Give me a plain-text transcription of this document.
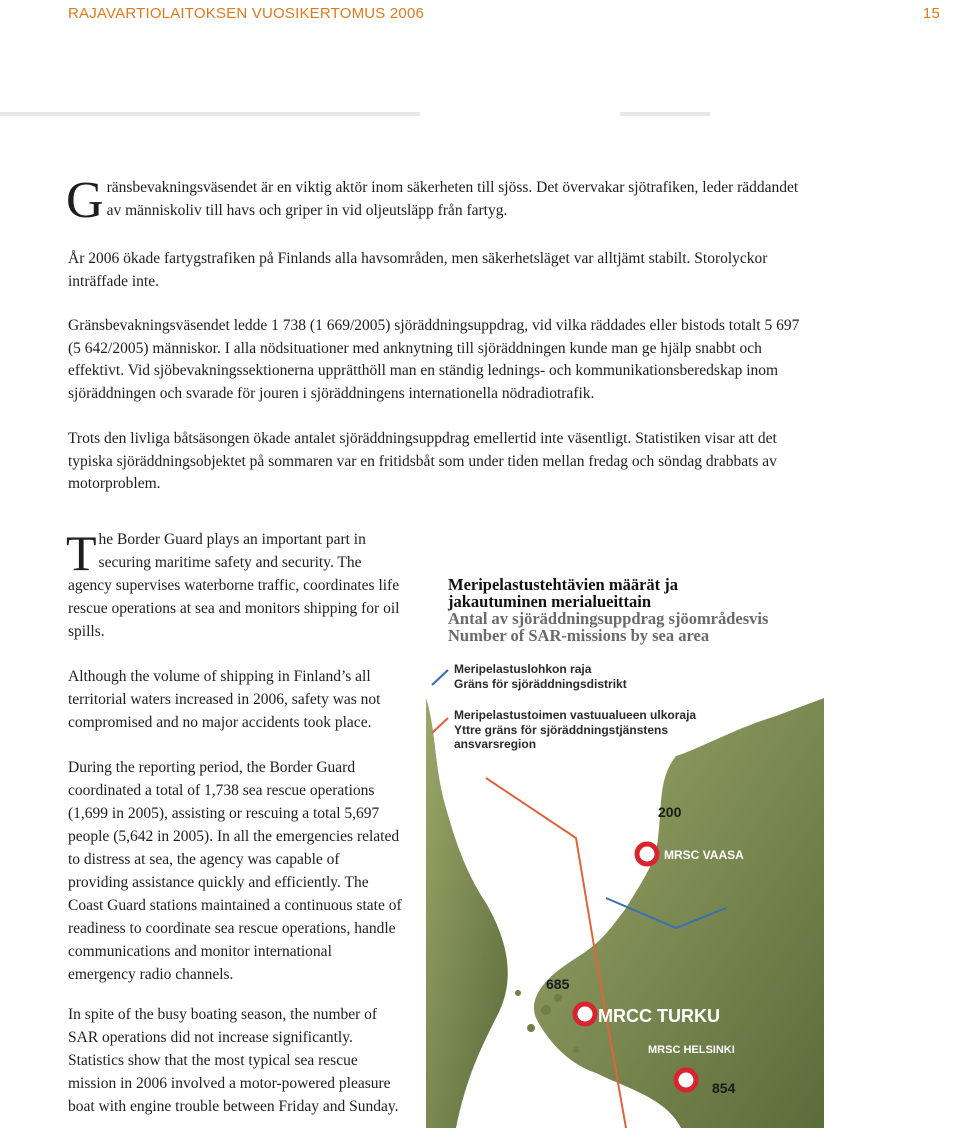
RAJAVARTIOLAITOKSEN VUOSIKERTOMUS 2006	15
G ränsbevakningsväsendet är en viktig aktör inom säkerheten till sjöss. Det övervakar sjötrafiken, leder räddandet av människoliv till havs och griper in vid oljeutsläpp från fartyg.

År 2006 ökade fartygstrafiken på Finlands alla havsområden, men säkerhetsläget var alltjämt stabilt. Storolyckor inträffade inte.

Gränsbevakningsväsendet ledde 1 738 (1 669/2005) sjöräddningsuppdrag, vid vilka räddades eller bistods totalt 5 697 (5 642/2005) människor. I alla nödsituationer med anknytning till sjöräddningen kunde man ge hjälp snabbt och effektivt. Vid sjöbevakningssektionerna upprätthöll man en ständig lednings- och kommunikationsberedskap inom sjöräddningen och svarade för jouren i sjöräddningens internationella nödradiotrafik.

Trots den livliga båtsäsongen ökade antalet sjöräddningsuppdrag emellertid inte väsentligt. Statistiken visar att det typiska sjöräddningsobjektet på sommaren var en fritidsbåt som under tiden mellan fredag och söndag drabbats av motorproblem.

T he Border Guard plays an important part in securing maritime safety and security. The agency supervises waterborne traffic, coordinates life rescue operations at sea and monitors shipping for oil spills.

Although the volume of shipping in Finland’s all territorial waters increased in 2006, safety was not compromised and no major accidents took place.

During the reporting period, the Border Guard coordinated a total of 1,738 sea rescue operations (1,699 in 2005), assisting or rescuing a total 5,697 people (5,642 in 2005). In all the emergencies related to distress at sea, the agency was capable of providing assistance quickly and efficiently. The Coast Guard stations maintained a continuous state of readiness to coordinate sea rescue operations, handle communications and monitor international emergency radio channels.

In spite of the busy boating season, the number of SAR operations did not increase significantly. Statistics show that the most typical sea rescue mission in 2006 involved a motor-powered pleasure boat with engine trouble between Friday and Sunday.

Meripelastustehtävien määrät ja
jakautuminen merialueittain
Antal av sjöräddningsuppdrag sjöområdesvis
Number of SAR-missions by sea area
Meripelastuslohkon raja
Gräns för sjöräddningsdistrikt
Meripelastustoimen vastuualueen ulkoraja
Yttre gräns för sjöräddningstjänstens
ansvarsregion
200
MRSC VAASA
685
MRCC TURKU
MRSC HELSINKI
854
